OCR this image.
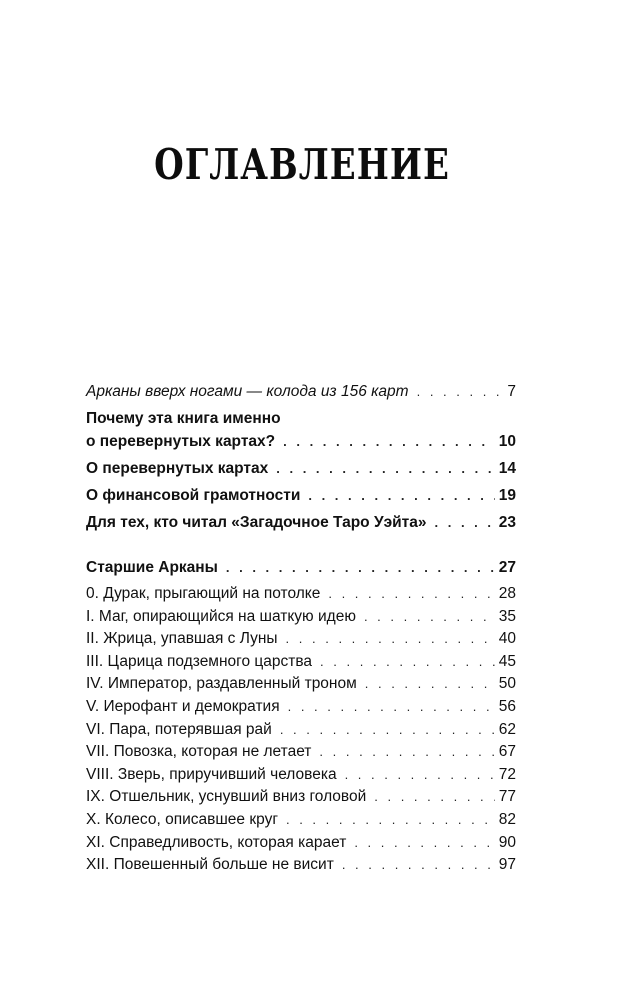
ОГЛАВЛЕНИЕ
Арканы вверх ногами — колода из 156 карт . . .	7
Почему эта книга именно
о перевернутых картах? . . .	10
О перевернутых картах . . .	14
О финансовой грамотности . . .	19
Для тех, кто читал «Загадочное Таро Уэйта» . . .	23
Старшие Арканы . . .	27
0. Дурак, прыгающий на потолке . . .	28
I. Маг, опирающийся на шаткую идею . . .	35
II. Жрица, упавшая с Луны . . .	40
III. Царица подземного царства . . .	45
IV. Император, раздавленный троном . . .	50
V. Иерофант и демократия . . .	56
VI. Пара, потерявшая рай . . .	62
VII. Повозка, которая не летает . . .	67
VIII. Зверь, приручивший человека . . .	72
IX. Отшельник, уснувший вниз головой . . .	77
X. Колесо, описавшее круг . . .	82
XI. Справедливость, которая карает . . .	90
XII. Повешенный больше не висит . . .	97
